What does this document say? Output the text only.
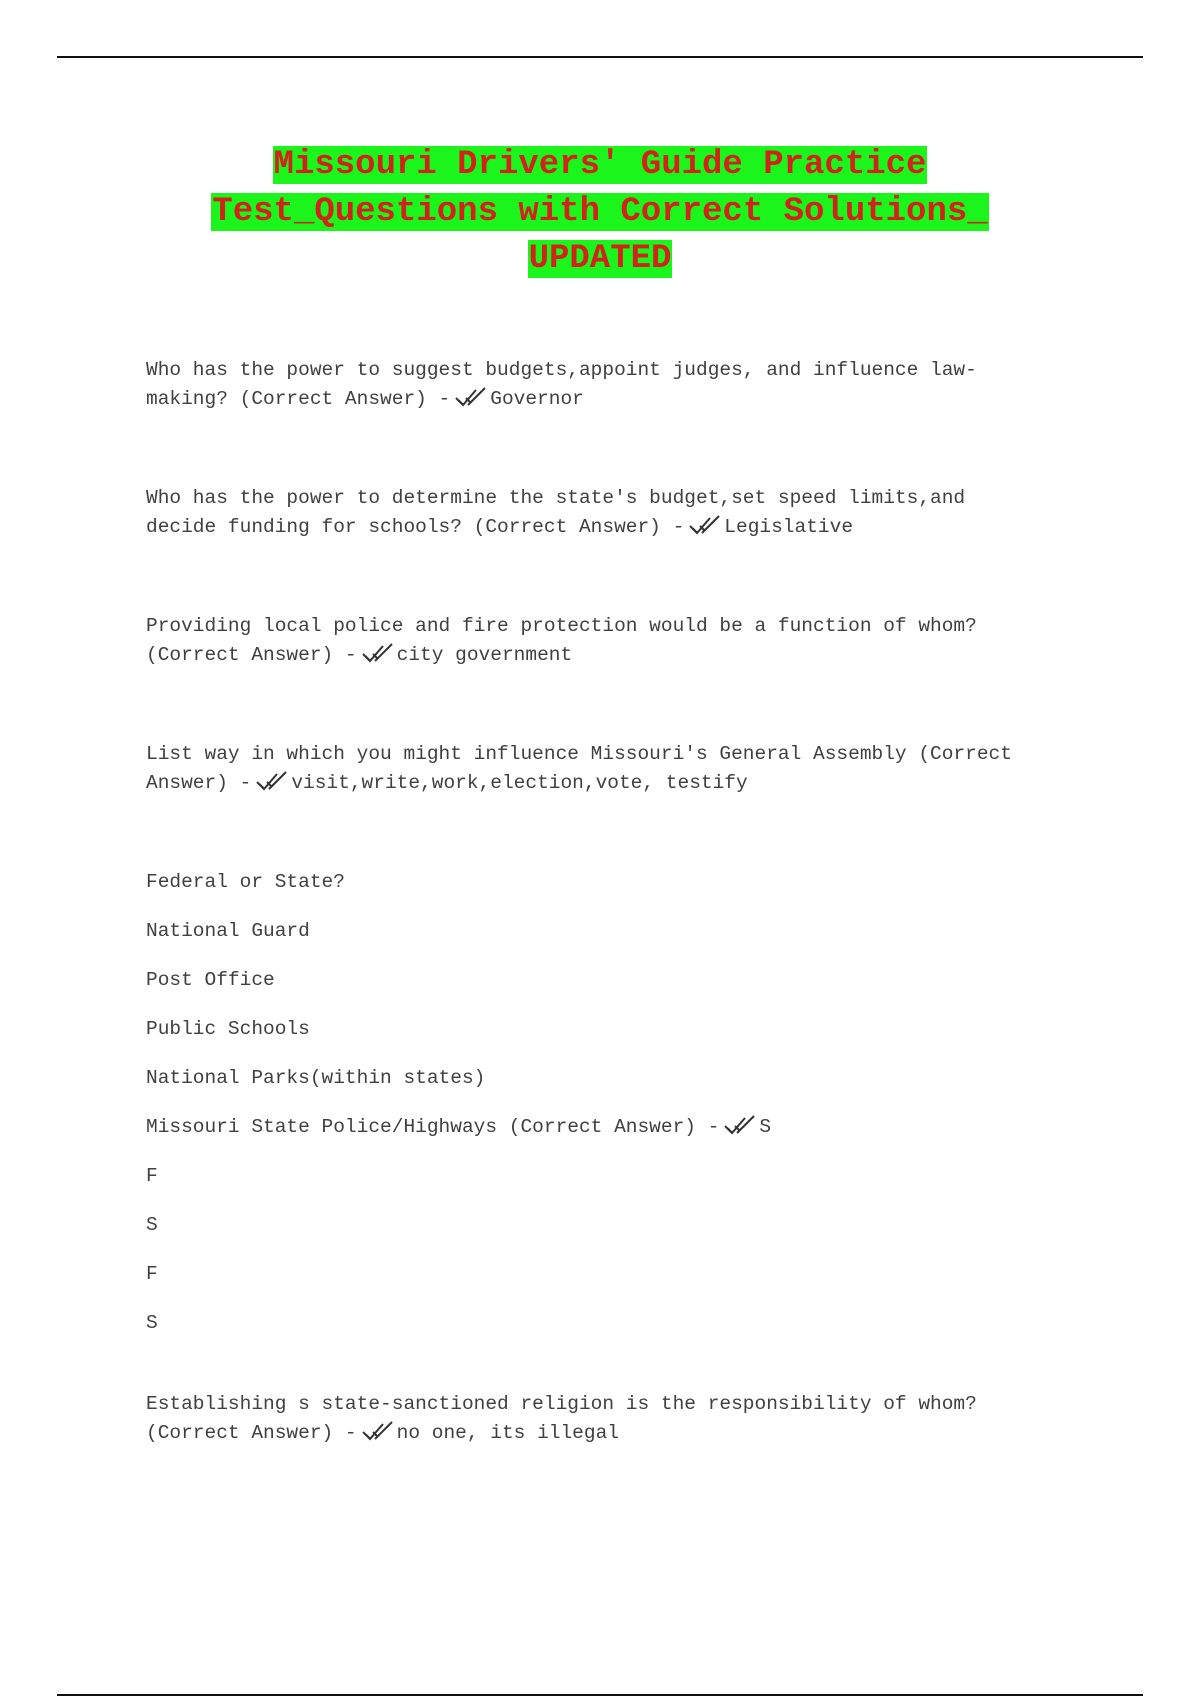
Missouri Drivers' Guide Practice
Test_Questions with Correct Solutions_
UPDATED

Who has the power to suggest budgets,appoint judges, and influence law-making? (Correct Answer) - Governor

Who has the power to determine the state's budget,set speed limits,and decide funding for schools? (Correct Answer) - Legislative

Providing local police and fire protection would be a function of whom? (Correct Answer) - city government

List way in which you might influence Missouri's General Assembly (Correct Answer) - visit,write,work,election,vote, testify

Federal or State?

National Guard

Post Office

Public Schools

National Parks(within states)

Missouri State Police/Highways (Correct Answer) - S

F

S

F

S

Establishing s state-sanctioned religion is the responsibility of whom? (Correct Answer) - no one, its illegal
